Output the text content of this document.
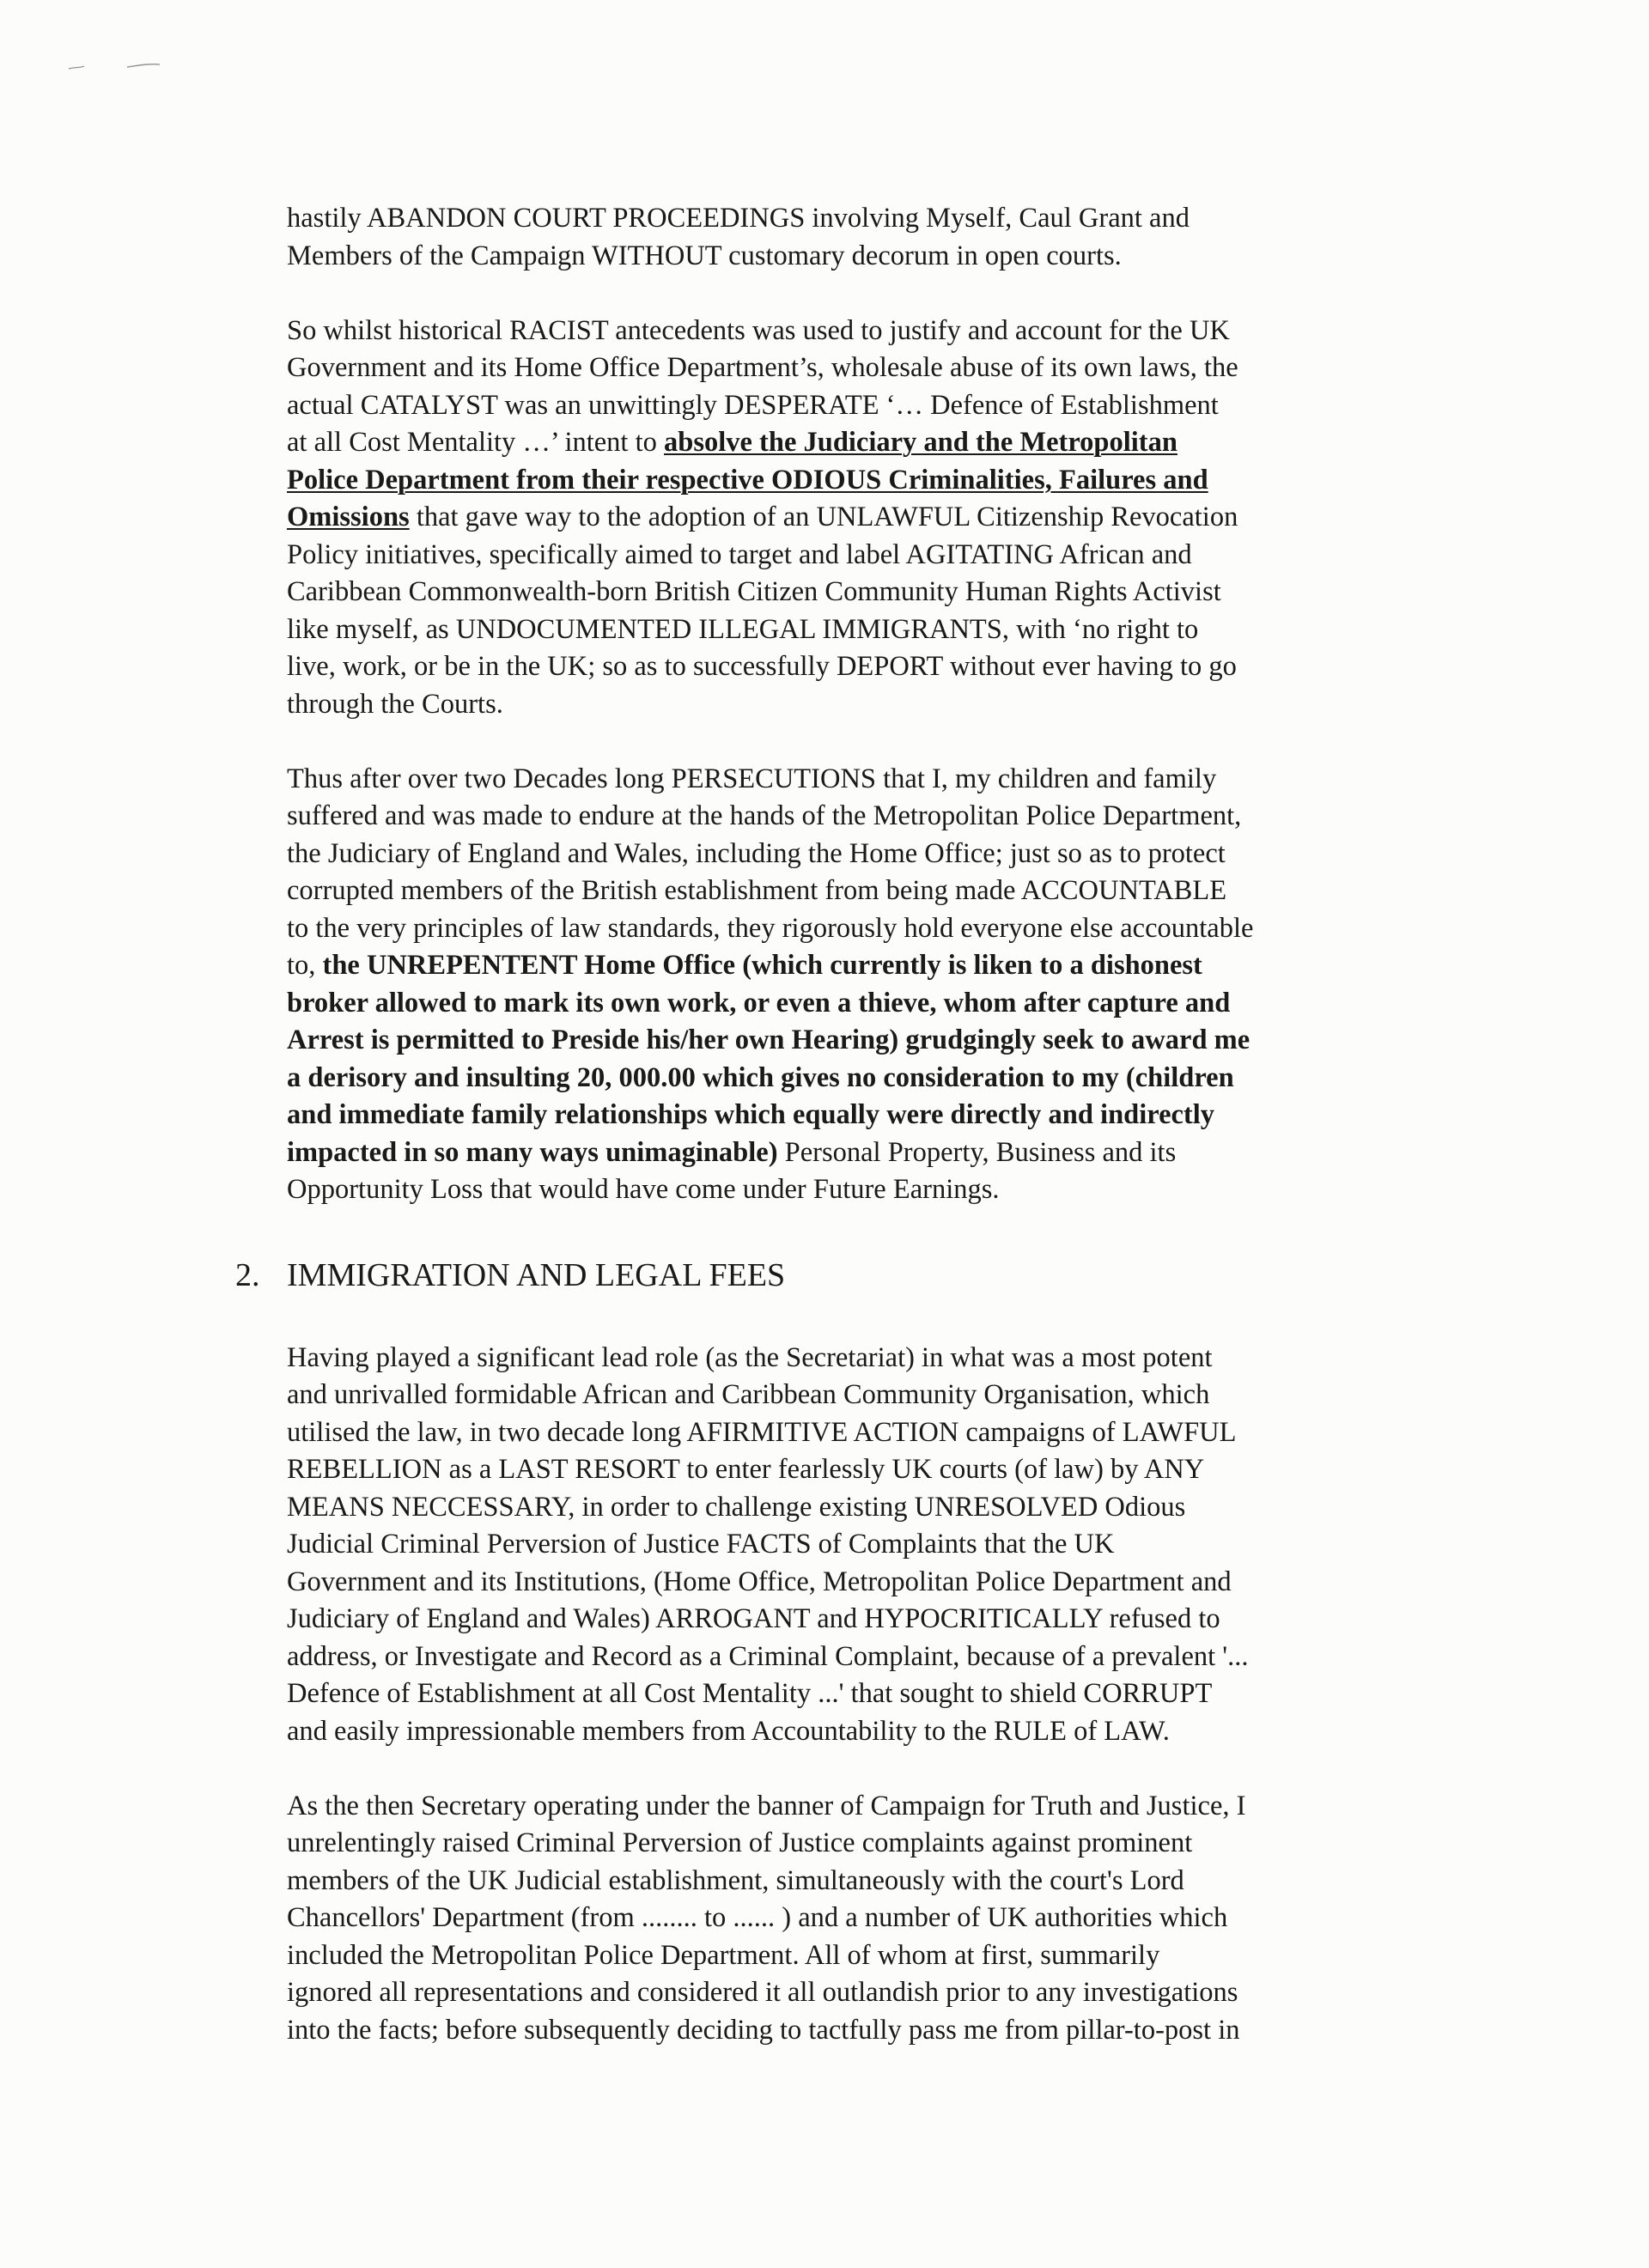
hastily ABANDON COURT PROCEEDINGS involving Myself, Caul Grant and
Members of the Campaign WITHOUT customary decorum in open courts.

So whilst historical RACIST antecedents was used to justify and account for the UK
Government and its Home Office Department’s, wholesale abuse of its own laws, the
actual CATALYST was an unwittingly DESPERATE ‘… Defence of Establishment
at all Cost Mentality …’ intent to absolve the Judiciary and the Metropolitan
Police Department from their respective ODIOUS Criminalities, Failures and
Omissions that gave way to the adoption of an UNLAWFUL Citizenship Revocation
Policy initiatives, specifically aimed to target and label AGITATING African and
Caribbean Commonwealth-born British Citizen Community Human Rights Activist
like myself, as UNDOCUMENTED ILLEGAL IMMIGRANTS, with ‘no right to
live, work, or be in the UK; so as to successfully DEPORT without ever having to go
through the Courts.

Thus after over two Decades long PERSECUTIONS that I, my children and family
suffered and was made to endure at the hands of the Metropolitan Police Department,
the Judiciary of England and Wales, including the Home Office; just so as to protect
corrupted members of the British establishment from being made ACCOUNTABLE
to the very principles of law standards, they rigorously hold everyone else accountable
to, the UNREPENTENT Home Office (which currently is liken to a dishonest
broker allowed to mark its own work, or even a thieve, whom after capture and
Arrest is permitted to Preside his/her own Hearing) grudgingly seek to award me
a derisory and insulting 20, 000.00 which gives no consideration to my (children
and immediate family relationships which equally were directly and indirectly
impacted in so many ways unimaginable) Personal Property, Business and its
Opportunity Loss that would have come under Future Earnings.

2. IMMIGRATION AND LEGAL FEES

Having played a significant lead role (as the Secretariat) in what was a most potent
and unrivalled formidable African and Caribbean Community Organisation, which
utilised the law, in two decade long AFIRMITIVE ACTION campaigns of LAWFUL
REBELLION as a LAST RESORT to enter fearlessly UK courts (of law) by ANY
MEANS NECCESSARY, in order to challenge existing UNRESOLVED Odious
Judicial Criminal Perversion of Justice FACTS of Complaints that the UK
Government and its Institutions, (Home Office, Metropolitan Police Department and
Judiciary of England and Wales) ARROGANT and HYPOCRITICALLY refused to
address, or Investigate and Record as a Criminal Complaint, because of a prevalent '...
Defence of Establishment at all Cost Mentality ...' that sought to shield CORRUPT
and easily impressionable members from Accountability to the RULE of LAW.

As the then Secretary operating under the banner of Campaign for Truth and Justice, I
unrelentingly raised Criminal Perversion of Justice complaints against prominent
members of the UK Judicial establishment, simultaneously with the court's Lord
Chancellors' Department (from ........ to ...... ) and a number of UK authorities which
included the Metropolitan Police Department. All of whom at first, summarily
ignored all representations and considered it all outlandish prior to any investigations
into the facts; before subsequently deciding to tactfully pass me from pillar-to-post in
